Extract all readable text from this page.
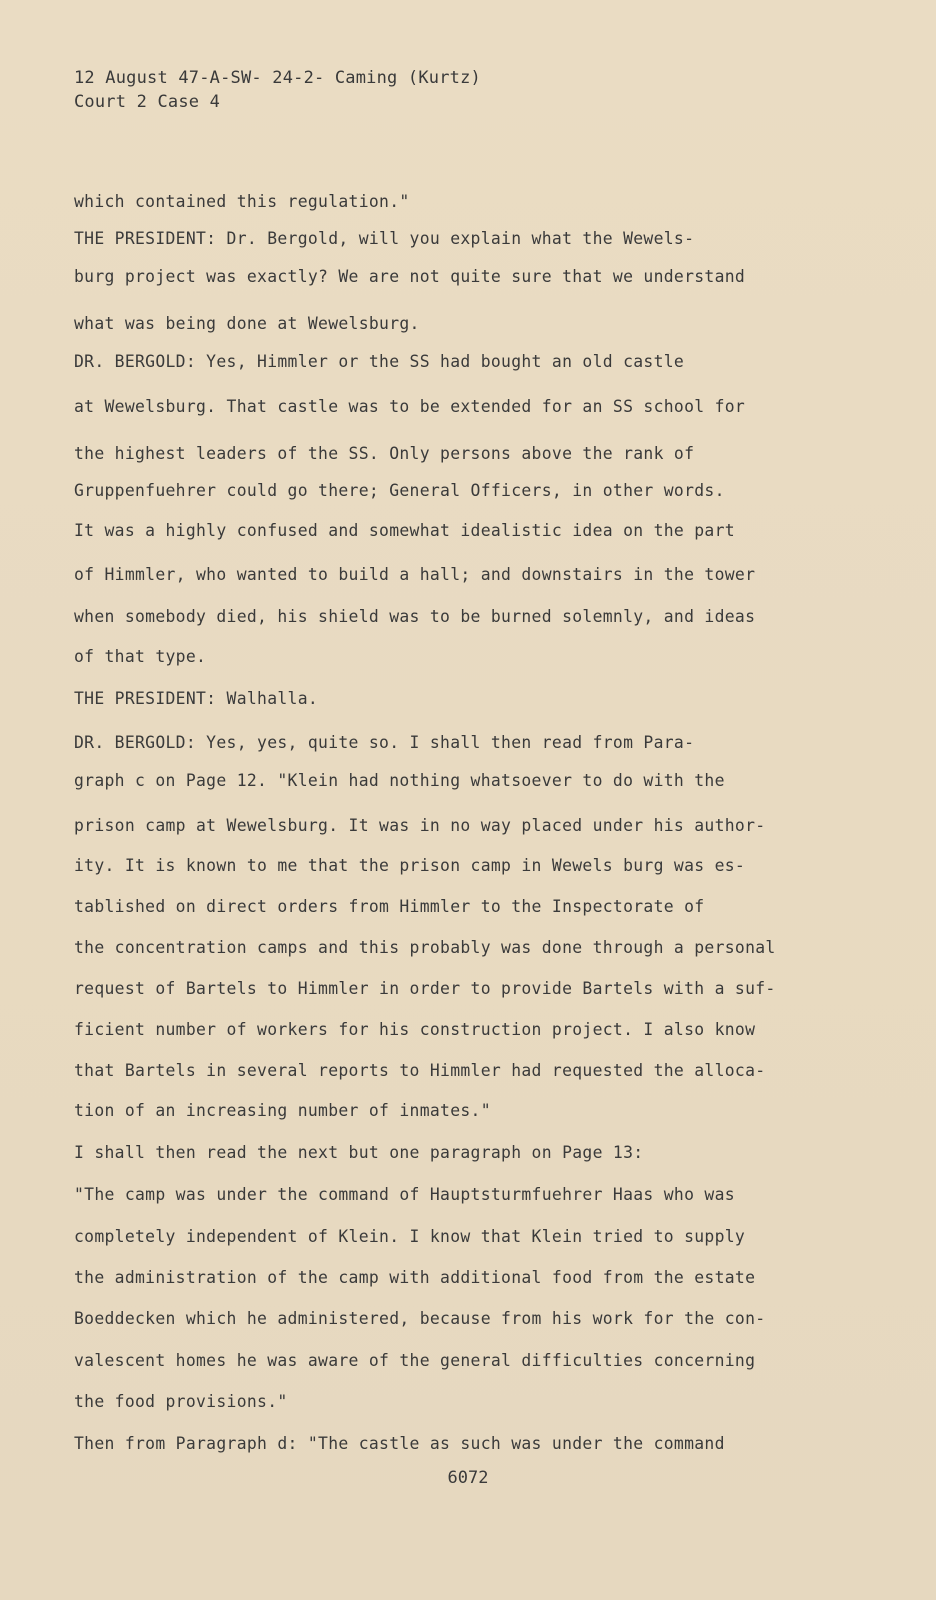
12 August 47-A-SW- 24-2- Caming (Kurtz)
Court 2 Case 4
which contained this regulation."
THE PRESIDENT: Dr. Bergold, will you explain what the Wewels-
burg project was exactly? We are not quite sure that we understand
what was being done at Wewelsburg.
DR. BERGOLD: Yes, Himmler or the SS had bought an old castle
at Wewelsburg. That castle was to be extended for an SS school for
the highest leaders of the SS. Only persons above the rank of
Gruppenfuehrer could go there; General Officers, in other words.
It was a highly confused and somewhat idealistic idea on the part
of Himmler, who wanted to build a hall; and downstairs in the tower
when somebody died, his shield was to be burned solemnly, and ideas
of that type.
THE PRESIDENT: Walhalla.
DR. BERGOLD: Yes, yes, quite so. I shall then read from Para-
graph c on Page 12. "Klein had nothing whatsoever to do with the
prison camp at Wewelsburg. It was in no way placed under his author-
ity. It is known to me that the prison camp in Wewels burg was es-
tablished on direct orders from Himmler to the Inspectorate of
the concentration camps and this probably was done through a personal
request of Bartels to Himmler in order to provide Bartels with a suf-
ficient number of workers for his construction project. I also know
that Bartels in several reports to Himmler had requested the alloca-
tion of an increasing number of inmates."
I shall then read the next but one paragraph on Page 13:
"The camp was under the command of Hauptsturmfuehrer Haas who was
completely independent of Klein. I know that Klein tried to supply
the administration of the camp with additional food from the estate
Boeddecken which he administered, because from his work for the con-
valescent homes he was aware of the general difficulties concerning
the food provisions."
Then from Paragraph d: "The castle as such was under the command
6072
